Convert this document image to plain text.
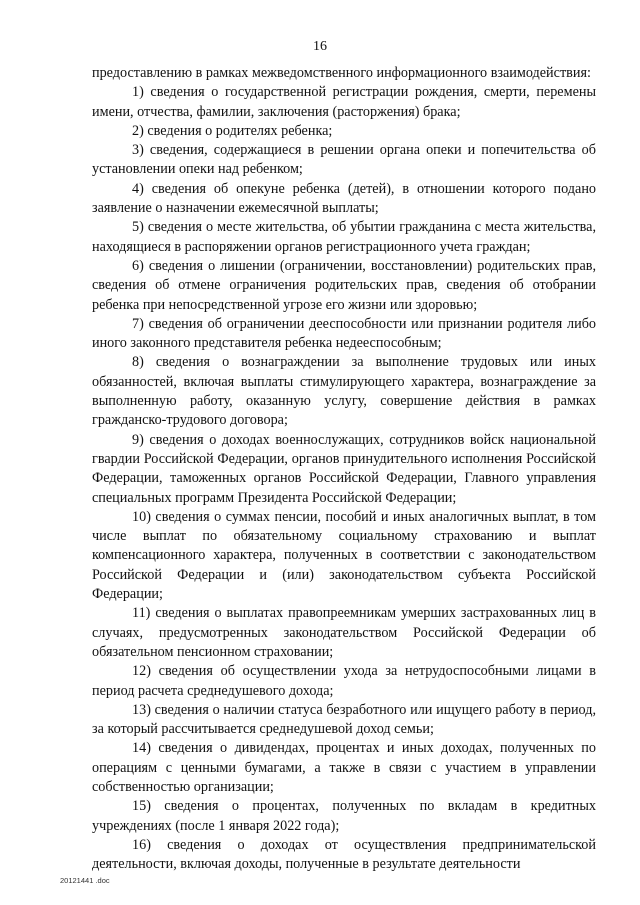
16

предоставлению в рамках межведомственного информационного взаимодействия:

1) сведения о государственной регистрации рождения, смерти, перемены имени, отчества, фамилии, заключения (расторжения) брака;

2) сведения о родителях ребенка;

3) сведения, содержащиеся в решении органа опеки и попечительства об установлении опеки над ребенком;

4) сведения об опекуне ребенка (детей), в отношении которого подано заявление о назначении ежемесячной выплаты;

5) сведения о месте жительства, об убытии гражданина с места жительства, находящиеся в распоряжении органов регистрационного учета граждан;

6) сведения о лишении (ограничении, восстановлении) родительских прав, сведения об отмене ограничения родительских прав, сведения об отобрании ребенка при непосредственной угрозе его жизни или здоровью;

7) сведения об ограничении дееспособности или признании родителя либо иного законного представителя ребенка недееспособным;

8) сведения о вознаграждении за выполнение трудовых или иных обязанностей, включая выплаты стимулирующего характера, вознаграждение за выполненную работу, оказанную услугу, совершение действия в рамках гражданско-трудового договора;

9) сведения о доходах военнослужащих, сотрудников войск национальной гвардии Российской Федерации, органов принудительного исполнения Российской Федерации, таможенных органов Российской Федерации, Главного управления специальных программ Президента Российской Федерации;

10) сведения о суммах пенсии, пособий и иных аналогичных выплат, в том числе выплат по обязательному социальному страхованию и выплат компенсационного характера, полученных в соответствии с законодательством Российской Федерации и (или) законодательством субъекта Российской Федерации;

11) сведения о выплатах правопреемникам умерших застрахованных лиц в случаях, предусмотренных законодательством Российской Федерации об обязательном пенсионном страховании;

12) сведения об осуществлении ухода за нетрудоспособными лицами в период расчета среднедушевого дохода;

13) сведения о наличии статуса безработного или ищущего работу в период, за который рассчитывается среднедушевой доход семьи;

14) сведения о дивидендах, процентах и иных доходах, полученных по операциям с ценными бумагами, а также в связи с участием в управлении собственностью организации;

15) сведения о процентах, полученных по вкладам в кредитных учреждениях (после 1 января 2022 года);

16) сведения о доходах от осуществления предпринимательской деятельности, включая доходы, полученные в результате деятельности

20121441 .doc
